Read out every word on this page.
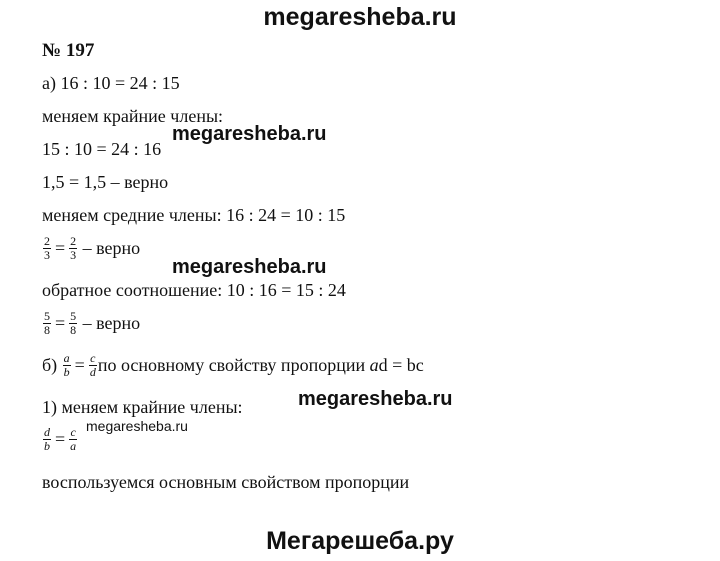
megaresheba.ru
№ 197
а) 16 : 10 = 24 : 15
меняем крайние члены:
megaresheba.ru
15 : 10 = 24 : 16
1,5 = 1,5 – верно
меняем средние члены: 16 : 24 = 10 : 15
$\frac{2}{3} = \frac{2}{3}$ – верно
megaresheba.ru
обратное соотношение: 10 : 16 = 15 : 24
$\frac{5}{8} = \frac{5}{8}$ – верно
$б) \frac{a}{b} = \frac{c}{d}$ по основному свойству пропорции ad = bc
1) меняем крайние члены:	megaresheba.ru
megaresheba.ru
$\frac{d}{b} = \frac{c}{a}$
воспользуемся основным свойством пропорции
Мегарешеба.ру
